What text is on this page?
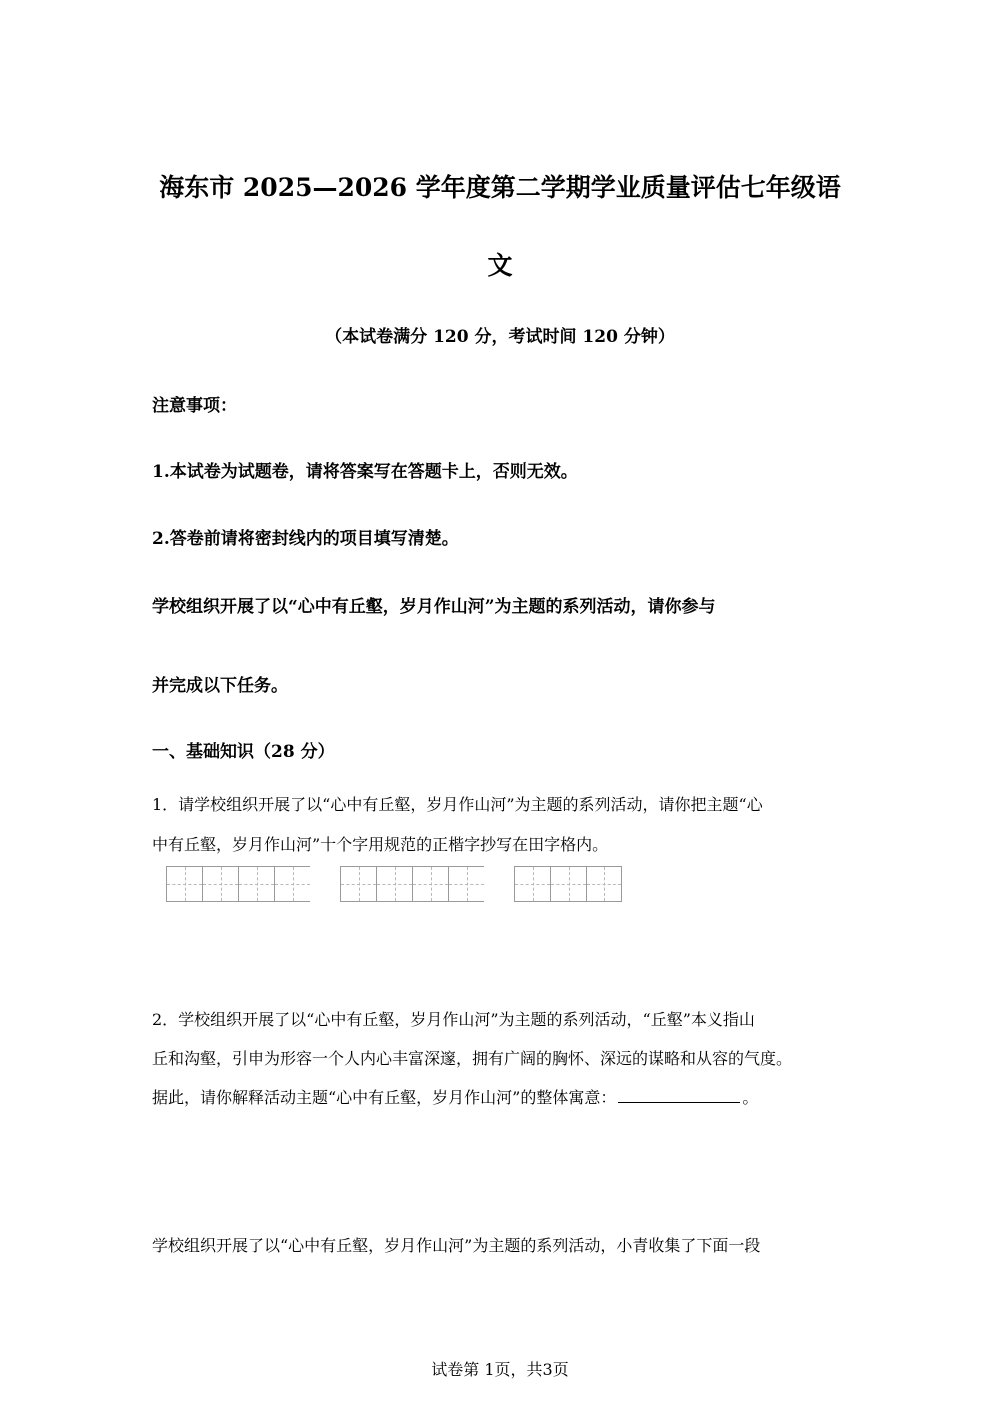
海东市 2025—2026 学年度第二学期学业质量评估七年级语
文
（本试卷满分 120 分，考试时间 120 分钟）
注意事项：
1.本试卷为试题卷，请将答案写在答题卡上，否则无效。
2.答卷前请将密封线内的项目填写清楚。
学校组织开展了以“心中有丘壑，岁月作山河”为主题的系列活动，请你参与
并完成以下任务。
一、基础知识（28 分）
1．请学校组织开展了以“心中有丘壑，岁月作山河”为主题的系列活动，请你把主题“心
中有丘壑，岁月作山河”十个字用规范的正楷字抄写在田字格内。
2．学校组织开展了以“心中有丘壑，岁月作山河”为主题的系列活动，“丘壑”本义指山
丘和沟壑，引申为形容一个人内心丰富深邃，拥有广阔的胸怀、深远的谋略和从容的气度。
据此，请你解释活动主题“心中有丘壑，岁月作山河”的整体寓意：	。
学校组织开展了以“心中有丘壑，岁月作山河”为主题的系列活动，小青收集了下面一段
试卷第 1页，共3页
